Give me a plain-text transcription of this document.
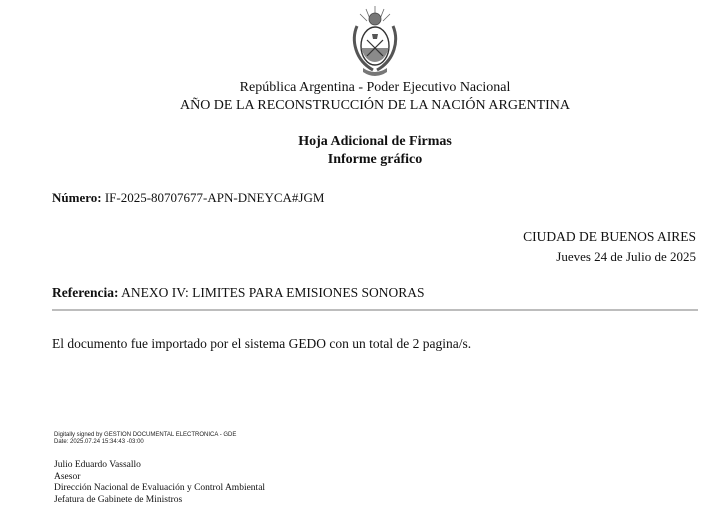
República Argentina - Poder Ejecutivo Nacional
AÑO DE LA RECONSTRUCCIÓN DE LA NACIÓN ARGENTINA
Hoja Adicional de Firmas
Informe gráfico
Número: IF-2025-80707677-APN-DNEYCA#JGM
CIUDAD DE BUENOS AIRES
Jueves 24 de Julio de 2025
Referencia: ANEXO IV: LIMITES PARA EMISIONES SONORAS
El documento fue importado por el sistema GEDO con un total de 2 pagina/s.
Digitally signed by GESTION DOCUMENTAL ELECTRONICA - GDE
Date: 2025.07.24 15:34:43 -03:00
Julio Eduardo Vassallo
Asesor
Dirección Nacional de Evaluación y Control Ambiental
Jefatura de Gabinete de Ministros
